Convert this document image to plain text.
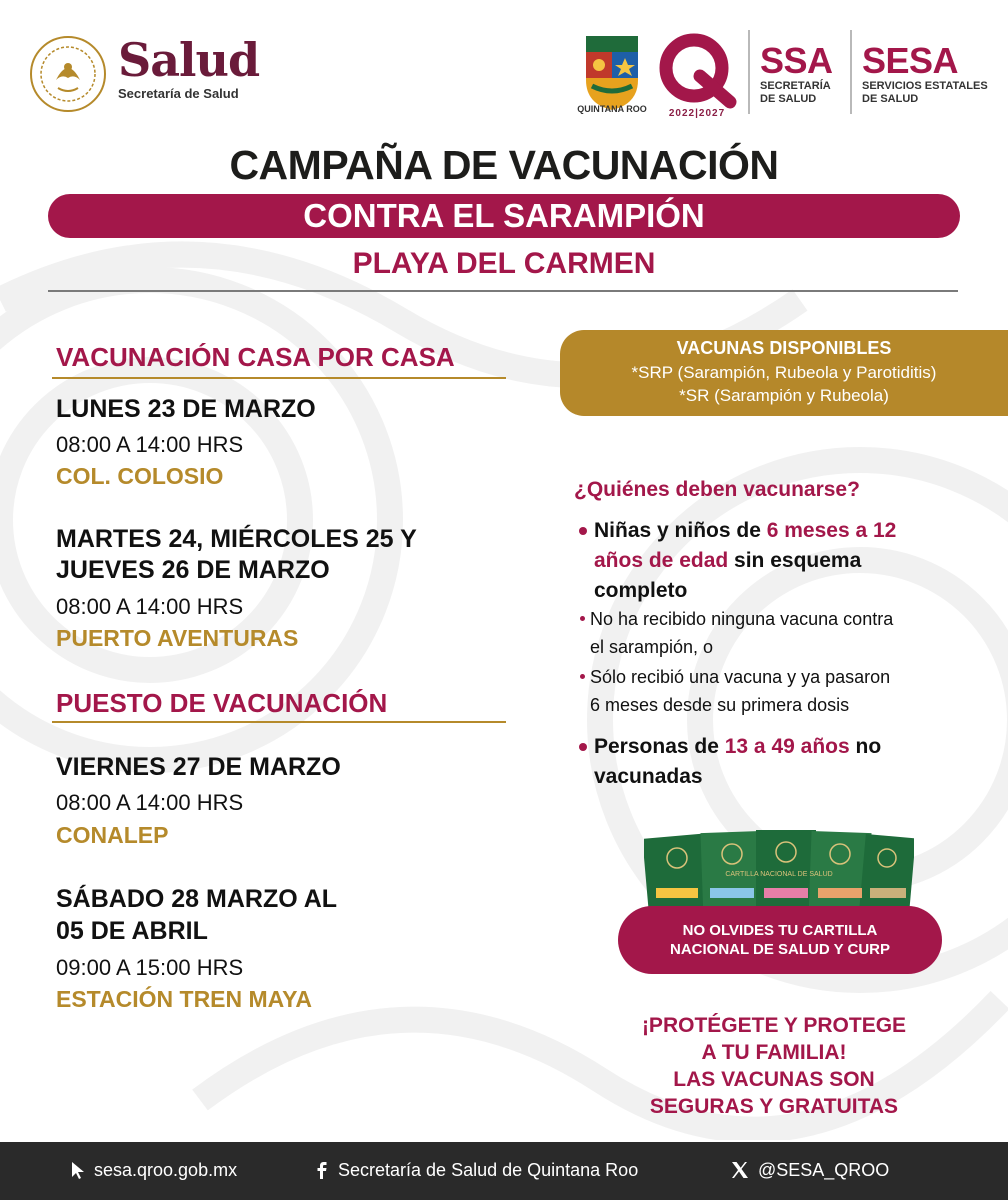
Salud
Secretaría de Salud
QUINTANA ROO	2022|2027
SSA
SECRETARÍA
DE SALUD
SESA
SERVICIOS ESTATALES
DE SALUD
CAMPAÑA DE VACUNACIÓN
CONTRA EL SARAMPIÓN
PLAYA DEL CARMEN
VACUNACIÓN CASA POR CASA
LUNES 23 DE MARZO
08:00 A 14:00 HRS
COL. COLOSIO
MARTES 24, MIÉRCOLES 25 Y
JUEVES 26 DE MARZO
08:00 A 14:00 HRS
PUERTO AVENTURAS
PUESTO DE VACUNACIÓN
VIERNES 27 DE MARZO
08:00 A 14:00 HRS
CONALEP
SÁBADO 28 MARZO AL
05 DE ABRIL
09:00 A 15:00 HRS
ESTACIÓN TREN MAYA
VACUNAS DISPONIBLES
*SRP (Sarampión, Rubeola y Parotiditis)
*SR (Sarampión y Rubeola)
¿Quiénes deben vacunarse?
Niñas y niños de 6 meses a 12
años de edad sin esquema
completo
No ha recibido ninguna vacuna contra
el sarampión, o
Sólo recibió una vacuna y ya pasaron
6 meses desde su primera dosis
Personas de 13 a 49 años no
vacunadas
CARTILLA NACIONAL DE SALUD
NO OLVIDES TU CARTILLA
NACIONAL DE SALUD Y CURP
¡PROTÉGETE Y PROTEGE
A TU FAMILIA!
LAS VACUNAS SON
SEGURAS Y GRATUITAS
sesa.qroo.gob.mx	Secretaría de Salud de Quintana Roo	@SESA_QROO
